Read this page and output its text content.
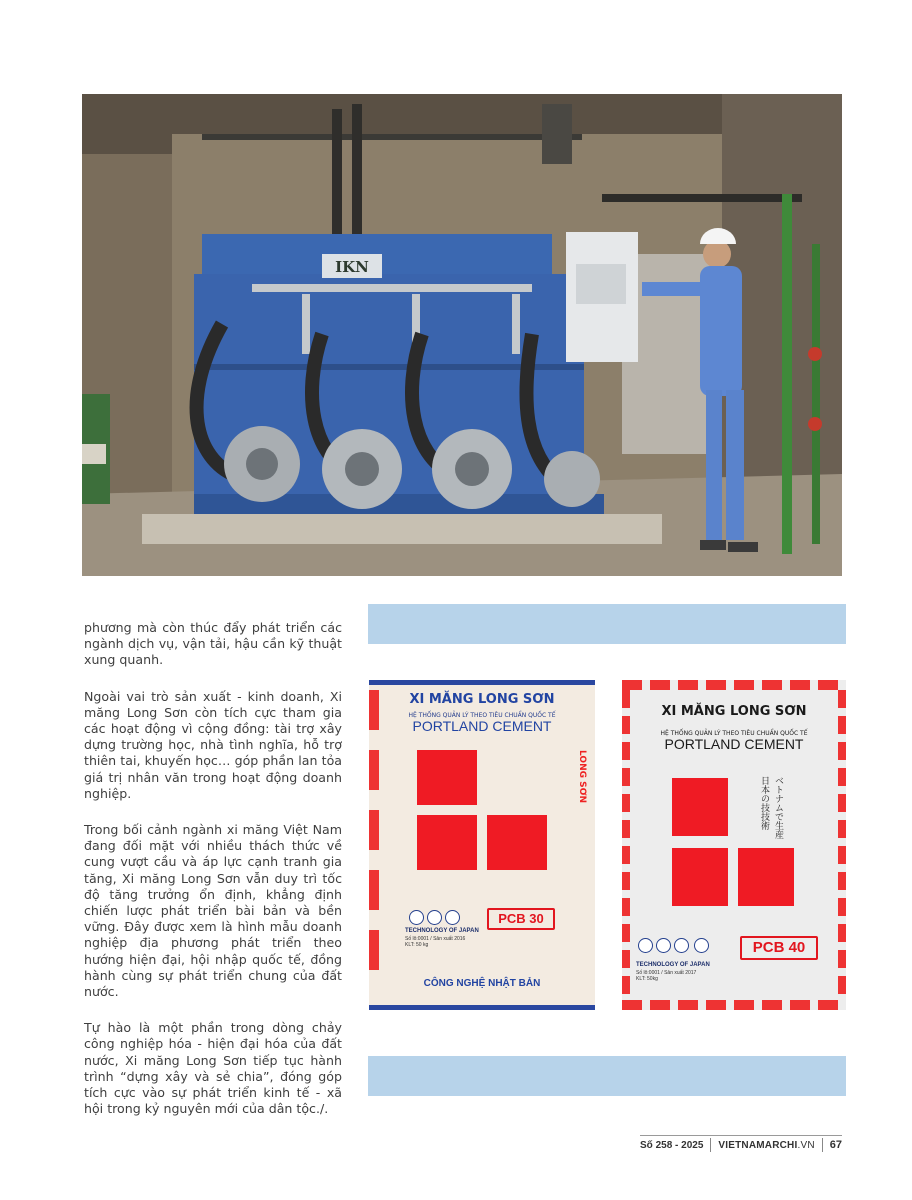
IKN

phương mà còn thúc đẩy phát triển các ngành dịch vụ, vận tải, hậu cần kỹ thuật xung quanh.

Ngoài vai trò sản xuất - kinh doanh, Xi măng Long Sơn còn tích cực tham gia các hoạt động vì cộng đồng: tài trợ xây dựng trường học, nhà tình nghĩa, hỗ trợ thiên tai, khuyến học… góp phần lan tỏa giá trị nhân văn trong hoạt động doanh nghiệp.

Trong bối cảnh ngành xi măng Việt Nam đang đối mặt với nhiều thách thức về cung vượt cầu và áp lực cạnh tranh gia tăng, Xi măng Long Sơn vẫn duy trì tốc độ tăng trưởng ổn định, khẳng định chiến lược phát triển bài bản và bền vững. Đây được xem là hình mẫu doanh nghiệp địa phương phát triển theo hướng hiện đại, hội nhập quốc tế, đồng hành cùng sự phát triển chung của đất nước.

Tự hào là một phần trong dòng chảy công nghiệp hóa - hiện đại hóa của đất nước, Xi măng Long Sơn tiếp tục hành trình “dựng xây và sẻ chia”, đóng góp tích cực vào sự phát triển kinh tế - xã hội trong kỷ nguyên mới của dân tộc./.

XI MĂNG LONG SƠN
HỆ THỐNG QUẢN LÝ THEO TIÊU CHUẨN QUỐC TẾ
PORTLAND CEMENT
LONG SƠN
TECHNOLOGY OF JAPAN
Số lô:0001 / Sản xuất 2016
KLT: 50 kg
PCB 30
CÔNG NGHỆ NHẬT BẢN
XI MĂNG LONG SƠN
HỆ THỐNG QUẢN LÝ THEO TIÊU CHUẨN QUỐC TẾ
PORTLAND CEMENT
ベトナムで生産
日本の技技術
TECHNOLOGY OF JAPAN
Số lô:0001 / Sản xuất 2017
KLT: 50kg
PCB 40
Số 258 - 2025 VIETNAMARCHI.VN 67
